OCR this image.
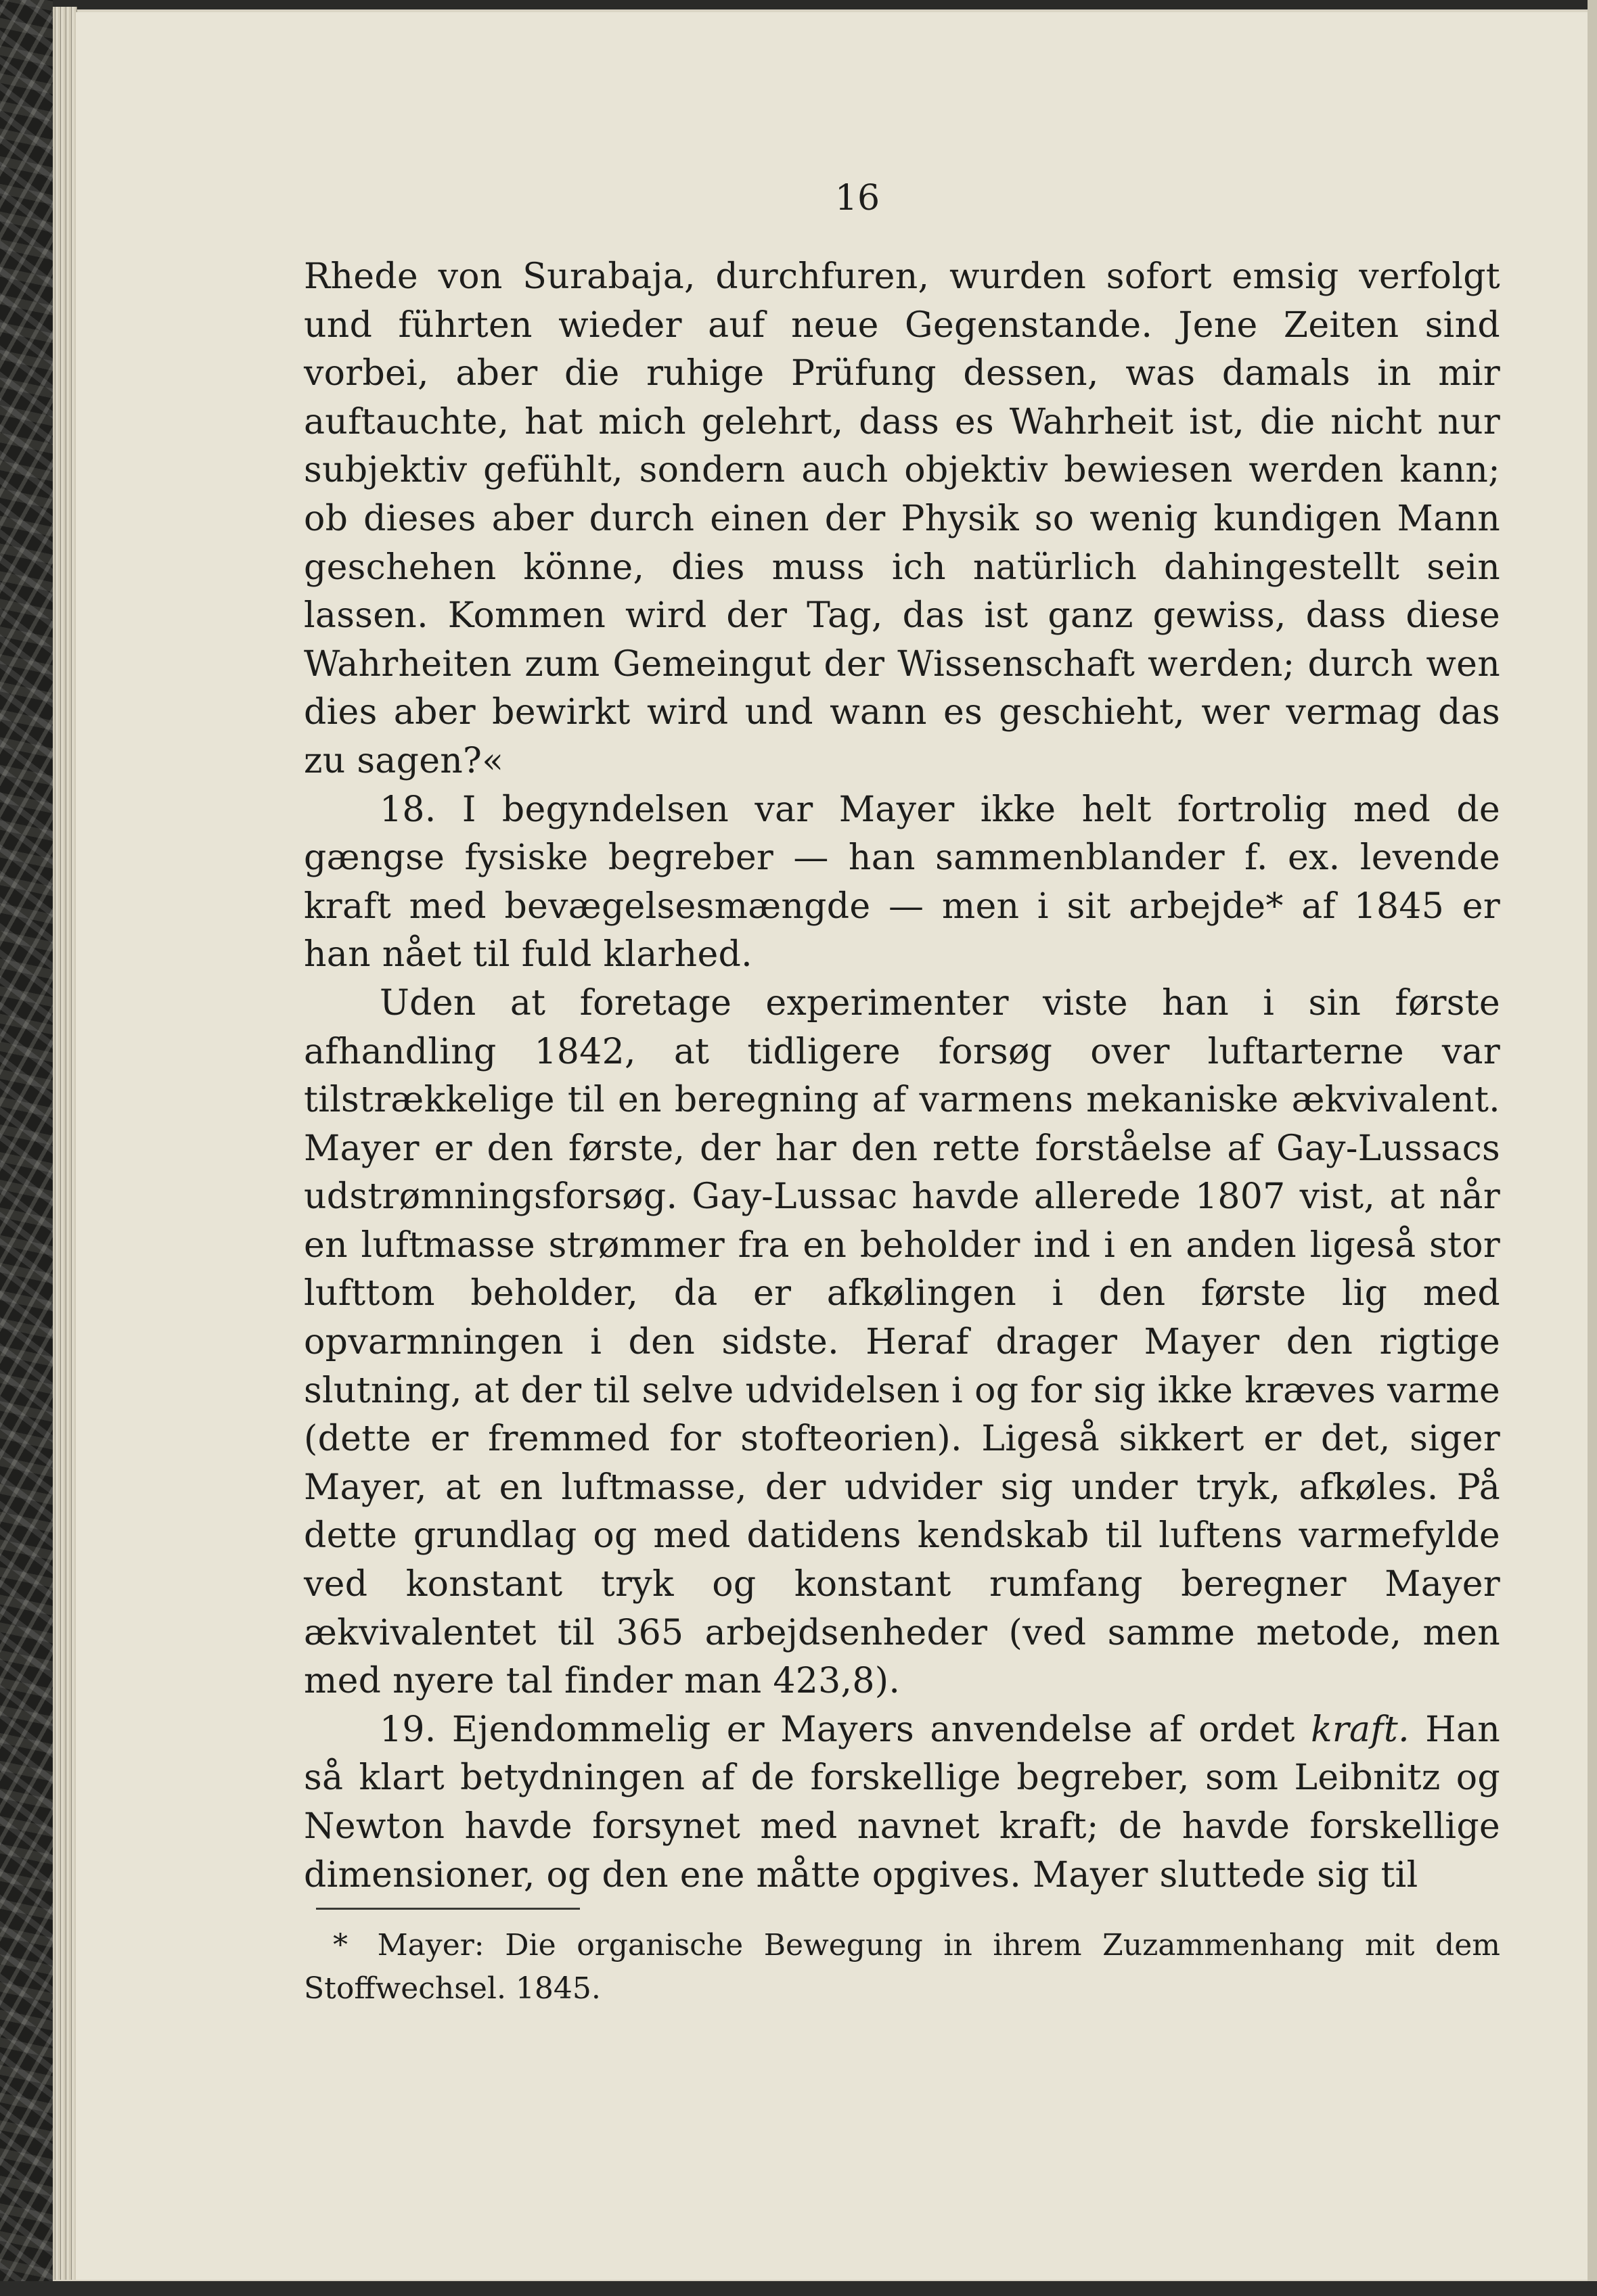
16

Rhede von Surabaja, durchfuren, wurden sofort emsig verfolgt und führten wieder auf neue Gegenstande. Jene Zeiten sind vorbei, aber die ruhige Prüfung dessen, was damals in mir auftauchte, hat mich gelehrt, dass es Wahrheit ist, die nicht nur subjektiv gefühlt, sondern auch objektiv bewiesen werden kann; ob dieses aber durch einen der Physik so wenig kundigen Mann geschehen könne, dies muss ich natürlich dahingestellt sein lassen. Kommen wird der Tag, das ist ganz gewiss, dass diese Wahrheiten zum Gemeingut der Wissenschaft werden; durch wen dies aber bewirkt wird und wann es geschieht, wer vermag das zu sagen?«

18. I begyndelsen var Mayer ikke helt fortrolig med de gængse fysiske begreber — han sammenblander f. ex. levende kraft med bevægelsesmængde — men i sit arbejde* af 1845 er han nået til fuld klarhed.

Uden at foretage experimenter viste han i sin første afhandling 1842, at tidligere forsøg over luftarterne var tilstrækkelige til en beregning af varmens mekaniske ækvivalent. Mayer er den første, der har den rette forståelse af Gay-Lussacs udstrømningsforsøg. Gay-Lussac havde allerede 1807 vist, at når en luftmasse strømmer fra en beholder ind i en anden ligeså stor lufttom beholder, da er afkølingen i den første lig med opvarmningen i den sidste. Heraf drager Mayer den rigtige slutning, at der til selve udvidelsen i og for sig ikke kræves varme (dette er fremmed for stofteorien). Ligeså sikkert er det, siger Mayer, at en luftmasse, der udvider sig under tryk, afkøles. På dette grundlag og med datidens kendskab til luftens varmefylde ved konstant tryk og konstant rumfang beregner Mayer ækvivalentet til 365 arbejdsenheder (ved samme metode, men med nyere tal finder man 423,8).

19. Ejendommelig er Mayers anvendelse af ordet kraft. Han så klart betydningen af de forskellige begreber, som Leibnitz og Newton havde forsynet med navnet kraft; de havde forskellige dimensioner, og den ene måtte opgives. Mayer sluttede sig til

* Mayer: Die organische Bewegung in ihrem Zuzammenhang mit dem Stoffwechsel. 1845.
